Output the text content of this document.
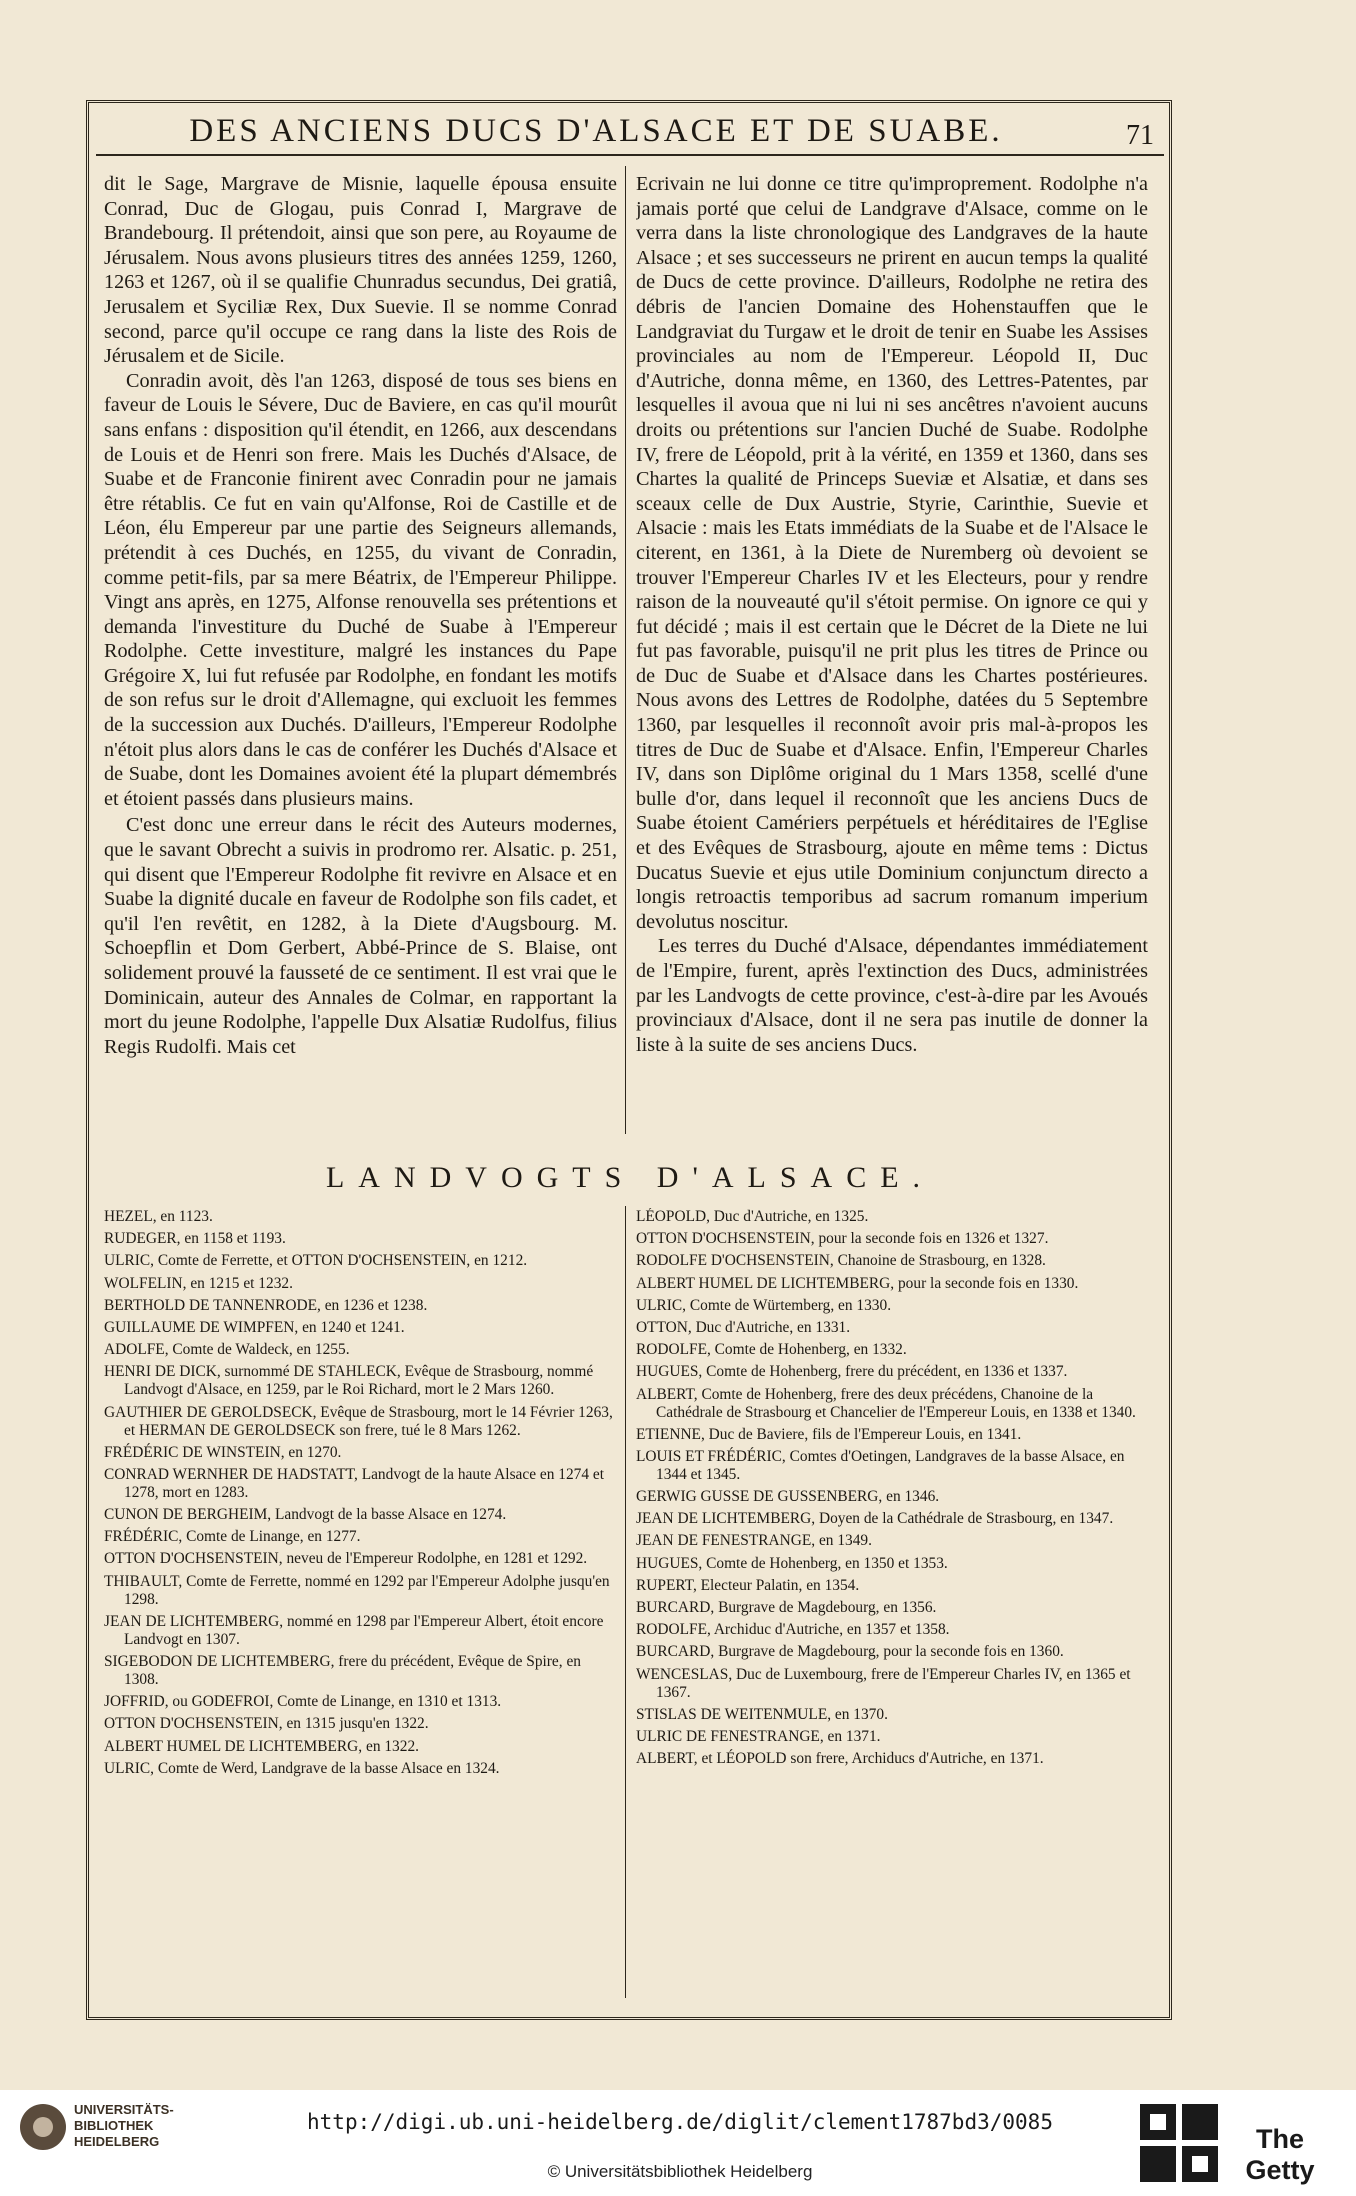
DES ANCIENS DUCS D'ALSACE ET DE SUABE.	71

dit le Sage, Margrave de Misnie, laquelle épousa ensuite Conrad, Duc de Glogau, puis Conrad I, Margrave de Brandebourg. Il prétendoit, ainsi que son pere, au Royaume de Jérusalem. Nous avons plusieurs titres des années 1259, 1260, 1263 et 1267, où il se qualifie Chunradus secundus, Dei gratiâ, Jerusalem et Syciliæ Rex, Dux Suevie. Il se nomme Conrad second, parce qu'il occupe ce rang dans la liste des Rois de Jérusalem et de Sicile.

Conradin avoit, dès l'an 1263, disposé de tous ses biens en faveur de Louis le Sévere, Duc de Baviere, en cas qu'il mourût sans enfans : disposition qu'il étendit, en 1266, aux descendans de Louis et de Henri son frere. Mais les Duchés d'Alsace, de Suabe et de Franconie finirent avec Conradin pour ne jamais être rétablis. Ce fut en vain qu'Alfonse, Roi de Castille et de Léon, élu Empereur par une partie des Seigneurs allemands, prétendit à ces Duchés, en 1255, du vivant de Conradin, comme petit-fils, par sa mere Béatrix, de l'Empereur Philippe. Vingt ans après, en 1275, Alfonse renouvella ses prétentions et demanda l'investiture du Duché de Suabe à l'Empereur Rodolphe. Cette investiture, malgré les instances du Pape Grégoire X, lui fut refusée par Rodolphe, en fondant les motifs de son refus sur le droit d'Allemagne, qui excluoit les femmes de la succession aux Duchés. D'ailleurs, l'Empereur Rodolphe n'étoit plus alors dans le cas de conférer les Duchés d'Alsace et de Suabe, dont les Domaines avoient été la plupart démembrés et étoient passés dans plusieurs mains.

C'est donc une erreur dans le récit des Auteurs modernes, que le savant Obrecht a suivis in prodromo rer. Alsatic. p. 251, qui disent que l'Empereur Rodolphe fit revivre en Alsace et en Suabe la dignité ducale en faveur de Rodolphe son fils cadet, et qu'il l'en revêtit, en 1282, à la Diete d'Augsbourg. M. Schoepflin et Dom Gerbert, Abbé-Prince de S. Blaise, ont solidement prouvé la fausseté de ce sentiment. Il est vrai que le Dominicain, auteur des Annales de Colmar, en rapportant la mort du jeune Rodolphe, l'appelle Dux Alsatiæ Rudolfus, filius Regis Rudolfi. Mais cet

Ecrivain ne lui donne ce titre qu'improprement. Rodolphe n'a jamais porté que celui de Landgrave d'Alsace, comme on le verra dans la liste chronologique des Landgraves de la haute Alsace ; et ses successeurs ne prirent en aucun temps la qualité de Ducs de cette province. D'ailleurs, Rodolphe ne retira des débris de l'ancien Domaine des Hohenstauffen que le Landgraviat du Turgaw et le droit de tenir en Suabe les Assises provinciales au nom de l'Empereur. Léopold II, Duc d'Autriche, donna même, en 1360, des Lettres-Patentes, par lesquelles il avoua que ni lui ni ses ancêtres n'avoient aucuns droits ou prétentions sur l'ancien Duché de Suabe. Rodolphe IV, frere de Léopold, prit à la vérité, en 1359 et 1360, dans ses Chartes la qualité de Princeps Sueviæ et Alsatiæ, et dans ses sceaux celle de Dux Austrie, Styrie, Carinthie, Suevie et Alsacie : mais les Etats immédiats de la Suabe et de l'Alsace le citerent, en 1361, à la Diete de Nuremberg où devoient se trouver l'Empereur Charles IV et les Electeurs, pour y rendre raison de la nouveauté qu'il s'étoit permise. On ignore ce qui y fut décidé ; mais il est certain que le Décret de la Diete ne lui fut pas favorable, puisqu'il ne prit plus les titres de Prince ou de Duc de Suabe et d'Alsace dans les Chartes postérieures. Nous avons des Lettres de Rodolphe, datées du 5 Septembre 1360, par lesquelles il reconnoît avoir pris mal-à-propos les titres de Duc de Suabe et d'Alsace. Enfin, l'Empereur Charles IV, dans son Diplôme original du 1 Mars 1358, scellé d'une bulle d'or, dans lequel il reconnoît que les anciens Ducs de Suabe étoient Camériers perpétuels et héréditaires de l'Eglise et des Evêques de Strasbourg, ajoute en même tems : Dictus Ducatus Suevie et ejus utile Dominium conjunctum directo a longis retroactis temporibus ad sacrum romanum imperium devolutus noscitur.

Les terres du Duché d'Alsace, dépendantes immédiatement de l'Empire, furent, après l'extinction des Ducs, administrées par les Landvogts de cette province, c'est-à-dire par les Avoués provinciaux d'Alsace, dont il ne sera pas inutile de donner la liste à la suite de ses anciens Ducs.

LANDVOGTS D'ALSACE.
HEZEL, en 1123.
RUDEGER, en 1158 et 1193.
ULRIC, Comte de Ferrette, et OTTON D'OCHSENSTEIN, en 1212.
WOLFELIN, en 1215 et 1232.
BERTHOLD DE TANNENRODE, en 1236 et 1238.
GUILLAUME DE WIMPFEN, en 1240 et 1241.
ADOLFE, Comte de Waldeck, en 1255.
HENRI DE DICK, surnommé DE STAHLECK, Evêque de Strasbourg, nommé Landvogt d'Alsace, en 1259, par le Roi Richard, mort le 2 Mars 1260.
GAUTHIER DE GEROLDSECK, Evêque de Strasbourg, mort le 14 Février 1263, et HERMAN DE GEROLDSECK son frere, tué le 8 Mars 1262.
FRÉDÉRIC DE WINSTEIN, en 1270.
CONRAD WERNHER DE HADSTATT, Landvogt de la haute Alsace en 1274 et 1278, mort en 1283.
CUNON DE BERGHEIM, Landvogt de la basse Alsace en 1274.
FRÉDÉRIC, Comte de Linange, en 1277.
OTTON D'OCHSENSTEIN, neveu de l'Empereur Rodolphe, en 1281 et 1292.
THIBAULT, Comte de Ferrette, nommé en 1292 par l'Empereur Adolphe jusqu'en 1298.
JEAN DE LICHTEMBERG, nommé en 1298 par l'Empereur Albert, étoit encore Landvogt en 1307.
SIGEBODON DE LICHTEMBERG, frere du précédent, Evêque de Spire, en 1308.
JOFFRID, ou GODEFROI, Comte de Linange, en 1310 et 1313.
OTTON D'OCHSENSTEIN, en 1315 jusqu'en 1322.
ALBERT HUMEL DE LICHTEMBERG, en 1322.
ULRIC, Comte de Werd, Landgrave de la basse Alsace en 1324.
LÉOPOLD, Duc d'Autriche, en 1325.
OTTON D'OCHSENSTEIN, pour la seconde fois en 1326 et 1327.
RODOLFE D'OCHSENSTEIN, Chanoine de Strasbourg, en 1328.
ALBERT HUMEL DE LICHTEMBERG, pour la seconde fois en 1330.
ULRIC, Comte de Würtemberg, en 1330.
OTTON, Duc d'Autriche, en 1331.
RODOLFE, Comte de Hohenberg, en 1332.
HUGUES, Comte de Hohenberg, frere du précédent, en 1336 et 1337.
ALBERT, Comte de Hohenberg, frere des deux précédens, Chanoine de la Cathédrale de Strasbourg et Chancelier de l'Empereur Louis, en 1338 et 1340.
ETIENNE, Duc de Baviere, fils de l'Empereur Louis, en 1341.
LOUIS ET FRÉDÉRIC, Comtes d'Oetingen, Landgraves de la basse Alsace, en 1344 et 1345.
GERWIG GUSSE DE GUSSENBERG, en 1346.
JEAN DE LICHTEMBERG, Doyen de la Cathédrale de Strasbourg, en 1347.
JEAN DE FENESTRANGE, en 1349.
HUGUES, Comte de Hohenberg, en 1350 et 1353.
RUPERT, Electeur Palatin, en 1354.
BURCARD, Burgrave de Magdebourg, en 1356.
RODOLFE, Archiduc d'Autriche, en 1357 et 1358.
BURCARD, Burgrave de Magdebourg, pour la seconde fois en 1360.
WENCESLAS, Duc de Luxembourg, frere de l'Empereur Charles IV, en 1365 et 1367.
STISLAS DE WEITENMULE, en 1370.
ULRIC DE FENESTRANGE, en 1371.
ALBERT, et LÉOPOLD son frere, Archiducs d'Autriche, en 1371.
UNIVERSITÄTS-
BIBLIOTHEK
HEIDELBERG
http://digi.ub.uni-heidelberg.de/diglit/clement1787bd3/0085
© Universitätsbibliothek Heidelberg
The Getty
